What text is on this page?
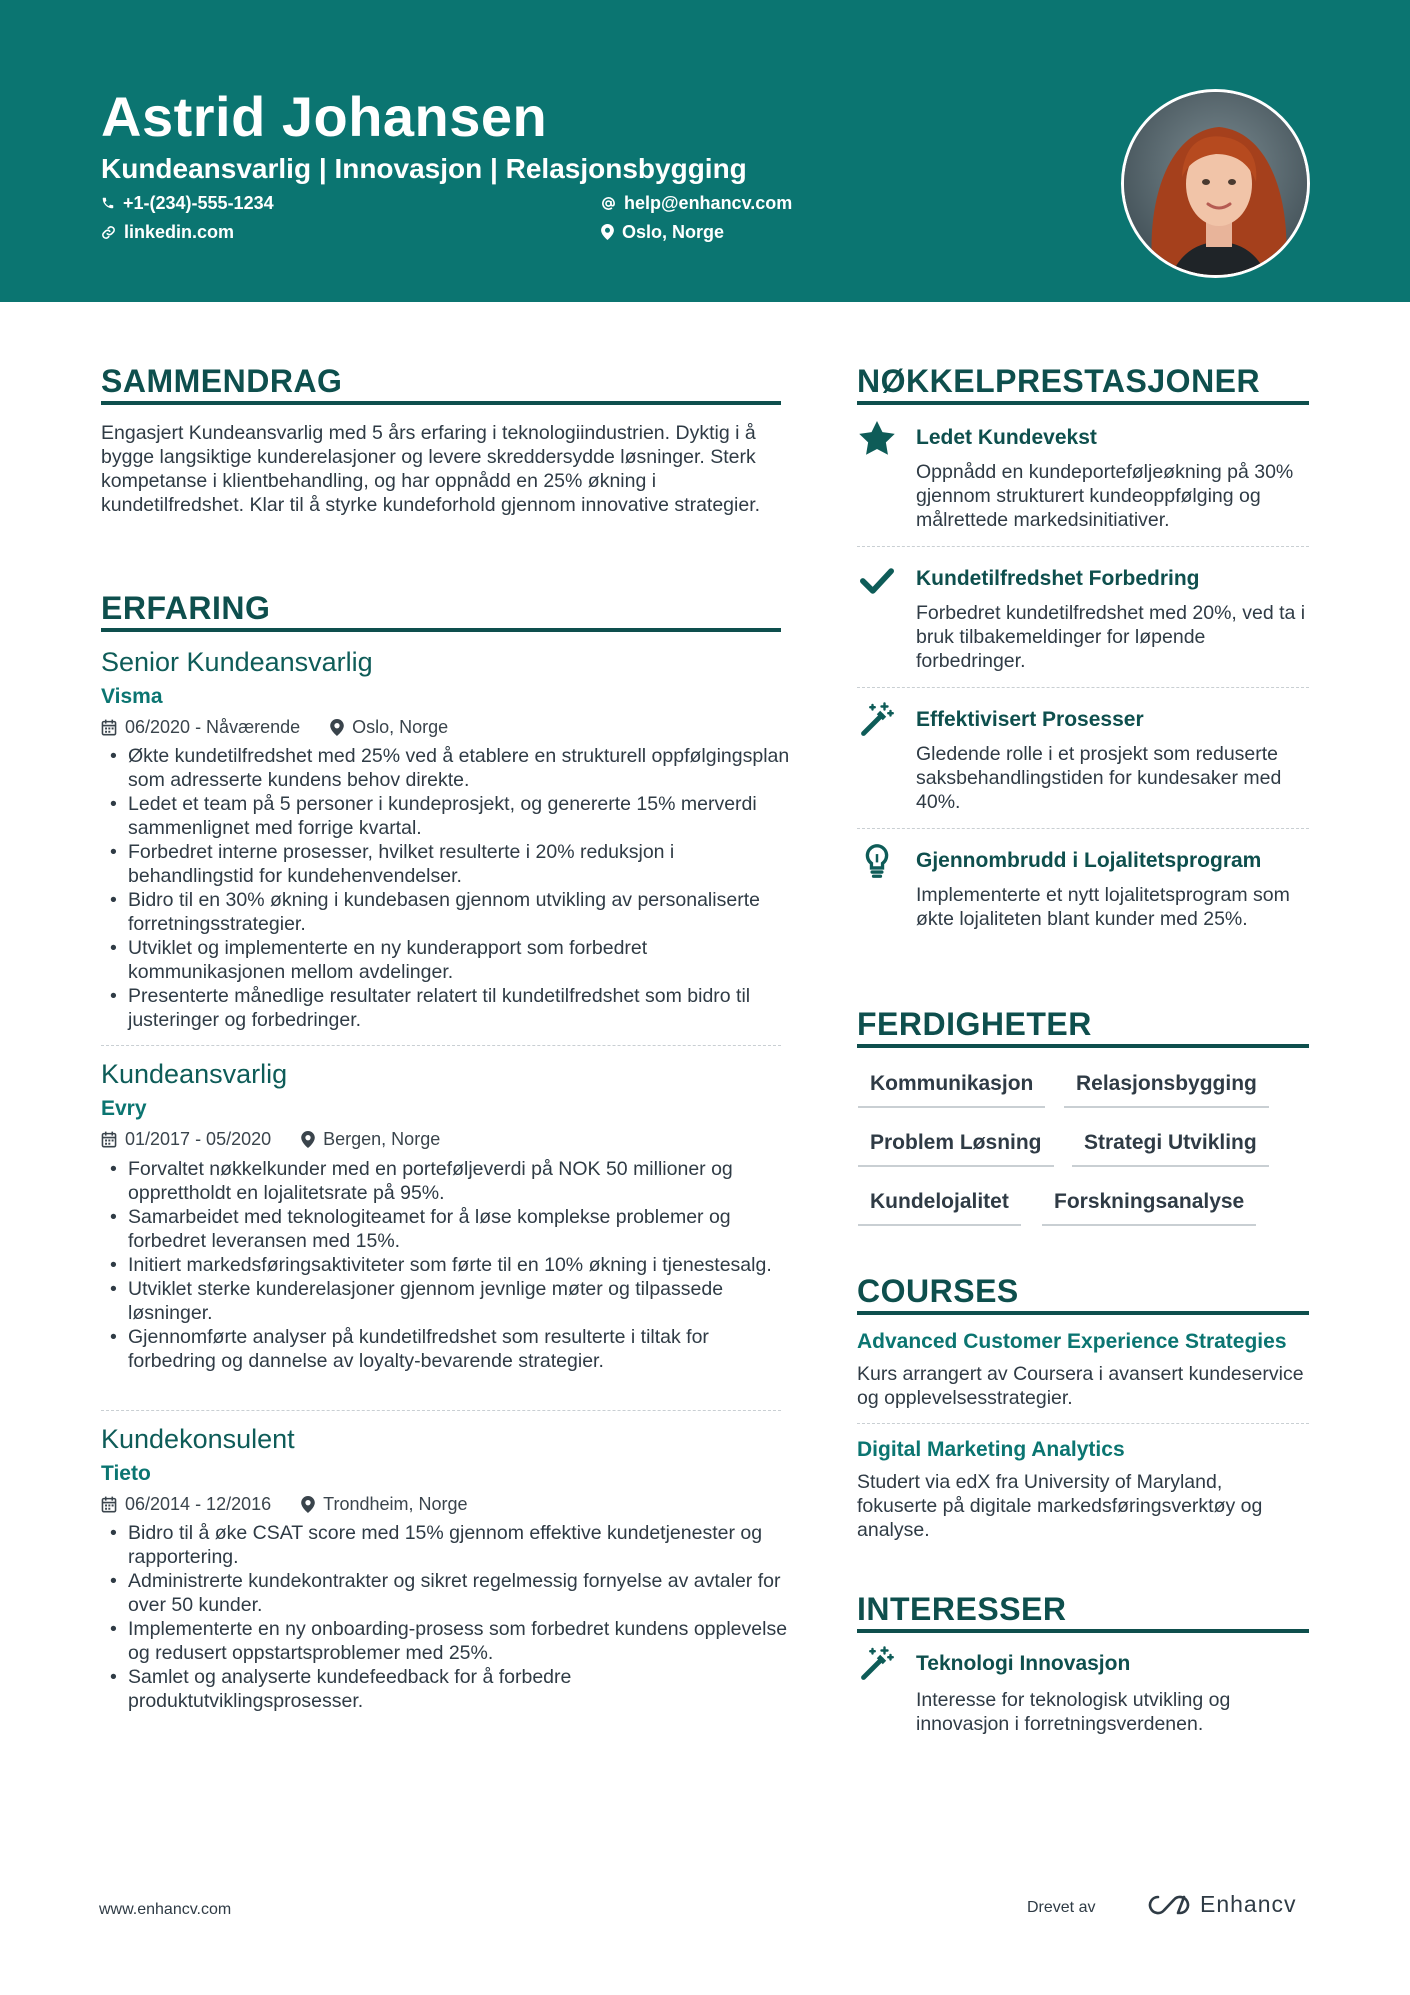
Astrid Johansen
Kundeansvarlig | Innovasjon | Relasjonsbygging
+1-(234)-555-1234	help@enhancv.com
linkedin.com	Oslo, Norge
SAMMENDRAG
Engasjert Kundeansvarlig med 5 års erfaring i teknologiindustrien. Dyktig i å bygge langsiktige kunderelasjoner og levere skreddersydde løsninger. Sterk kompetanse i klientbehandling, og har oppnådd en 25% økning i kundetilfredshet. Klar til å styrke kundeforhold gjennom innovative strategier.
ERFARING
Senior Kundeansvarlig
Visma
06/2020 - Nåværende	Oslo, Norge
• Økte kundetilfredshet med 25% ved å etablere en strukturell oppfølgingsplan som adresserte kundens behov direkte.
• Ledet et team på 5 personer i kundeprosjekt, og genererte 15% merverdi sammenlignet med forrige kvartal.
• Forbedret interne prosesser, hvilket resulterte i 20% reduksjon i behandlingstid for kundehenvendelser.
• Bidro til en 30% økning i kundebasen gjennom utvikling av personaliserte forretningsstrategier.
• Utviklet og implementerte en ny kunderapport som forbedret kommunikasjonen mellom avdelinger.
• Presenterte månedlige resultater relatert til kundetilfredshet som bidro til justeringer og forbedringer.
Kundeansvarlig
Evry
01/2017 - 05/2020	Bergen, Norge
• Forvaltet nøkkelkunder med en porteføljeverdi på NOK 50 millioner og opprettholdt en lojalitetsrate på 95%.
• Samarbeidet med teknologiteamet for å løse komplekse problemer og forbedret leveransen med 15%.
• Initiert markedsføringsaktiviteter som førte til en 10% økning i tjenestesalg.
• Utviklet sterke kunderelasjoner gjennom jevnlige møter og tilpassede løsninger.
• Gjennomførte analyser på kundetilfredshet som resulterte i tiltak for forbedring og dannelse av loyalty-bevarende strategier.
Kundekonsulent
Tieto
06/2014 - 12/2016	Trondheim, Norge
• Bidro til å øke CSAT score med 15% gjennom effektive kundetjenester og rapportering.
• Administrerte kundekontrakter og sikret regelmessig fornyelse av avtaler for over 50 kunder.
• Implementerte en ny onboarding-prosess som forbedret kundens opplevelse og redusert oppstartsproblemer med 25%.
• Samlet og analyserte kundefeedback for å forbedre produktutviklingsprosesser.
NØKKELPRESTASJONER
Ledet Kundevekst
Oppnådd en kundeporteføljeøkning på 30% gjennom strukturert kundeoppfølging og målrettede markedsinitiativer.
Kundetilfredshet Forbedring
Forbedret kundetilfredshet med 20%, ved ta i bruk tilbakemeldinger for løpende forbedringer.
Effektivisert Prosesser
Gledende rolle i et prosjekt som reduserte saksbehandlingstiden for kundesaker med 40%.
Gjennombrudd i Lojalitetsprogram
Implementerte et nytt lojalitetsprogram som økte lojaliteten blant kunder med 25%.
FERDIGHETER
Kommunikasjon	Relasjonsbygging
Problem Løsning	Strategi Utvikling
Kundelojalitet	Forskningsanalyse
COURSES
Advanced Customer Experience Strategies
Kurs arrangert av Coursera i avansert kundeservice og opplevelsesstrategier.
Digital Marketing Analytics
Studert via edX fra University of Maryland, fokuserte på digitale markedsføringsverktøy og analyse.
INTERESSER
Teknologi Innovasjon
Interesse for teknologisk utvikling og innovasjon i forretningsverdenen.
www.enhancv.com	Drevet av	Enhancv
